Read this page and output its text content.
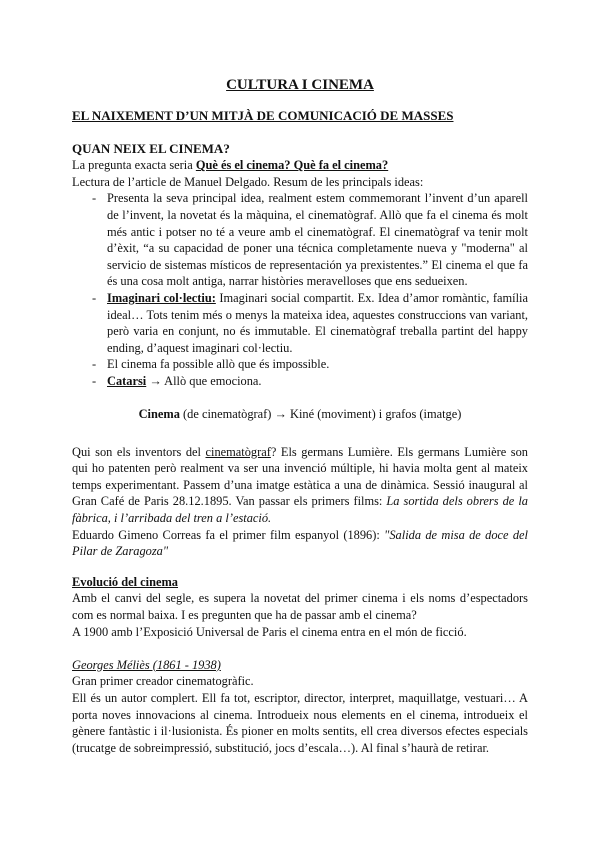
CULTURA I CINEMA
EL NAIXEMENT D’UN MITJÀ DE COMUNICACIÓ DE MASSES
QUAN NEIX EL CINEMA?
La pregunta exacta seria Què és el cinema? Què fa el cinema?
Lectura de l’article de Manuel Delgado. Resum de les principals ideas:
- Presenta la seva principal idea, realment estem commemorant l’invent d’un aparell de l’invent, la novetat és la màquina, el cinematògraf. Allò que fa el cinema és molt més antic i potser no té a veure amb el cinematògraf. El cinematògraf va tenir molt d’èxit, “a su capacidad de poner una técnica completamente nueva y "moderna" al servicio de sistemas místicos de representación ya prexistentes.” El cinema el que fa és una cosa molt antiga, narrar històries meravelloses que ens sedueixen.
- Imaginari col·lectiu: Imaginari social compartit. Ex. Idea d’amor romàntic, família ideal… Tots tenim més o menys la mateixa idea, aquestes construccions van variant, però varia en conjunt, no és immutable. El cinematògraf treballa partint del happy ending, d’aquest imaginari col·lectiu.
- El cinema fa possible allò que és impossible.
- Catarsi → Allò que emociona.
Cinema (de cinematògraf) → Kiné (moviment) i grafos (imatge)
Qui son els inventors del cinematògraf? Els germans Lumière. Els germans Lumière son qui ho patenten però realment va ser una invenció múltiple, hi havia molta gent al mateix temps experimentant. Passem d’una imatge estàtica a una de dinàmica. Sessió inaugural al Gran Café de Paris 28.12.1895. Van passar els primers films: La sortida dels obrers de la fàbrica, i l’arribada del tren a l’estació.
Eduardo Gimeno Correas fa el primer film espanyol (1896): "Salida de misa de doce del Pilar de Zaragoza"
Evolució del cinema
Amb el canvi del segle, es supera la novetat del primer cinema i els noms d’espectadors com es normal baixa. I es pregunten que ha de passar amb el cinema?
A 1900 amb l’Exposició Universal de Paris el cinema entra en el món de ficció.
Georges Méliès (1861 - 1938)
Gran primer creador cinematogràfic.
Ell és un autor complert. Ell fa tot, escriptor, director, interpret, maquillatge, vestuari… A porta noves innovacions al cinema. Introdueix nous elements en el cinema, introdueix el gènere fantàstic i il·lusionista. És pioner en molts sentits, ell crea diversos efectes especials (trucatge de sobreimpressió, substitució, jocs d’escala…). Al final s’haurà de retirar.
